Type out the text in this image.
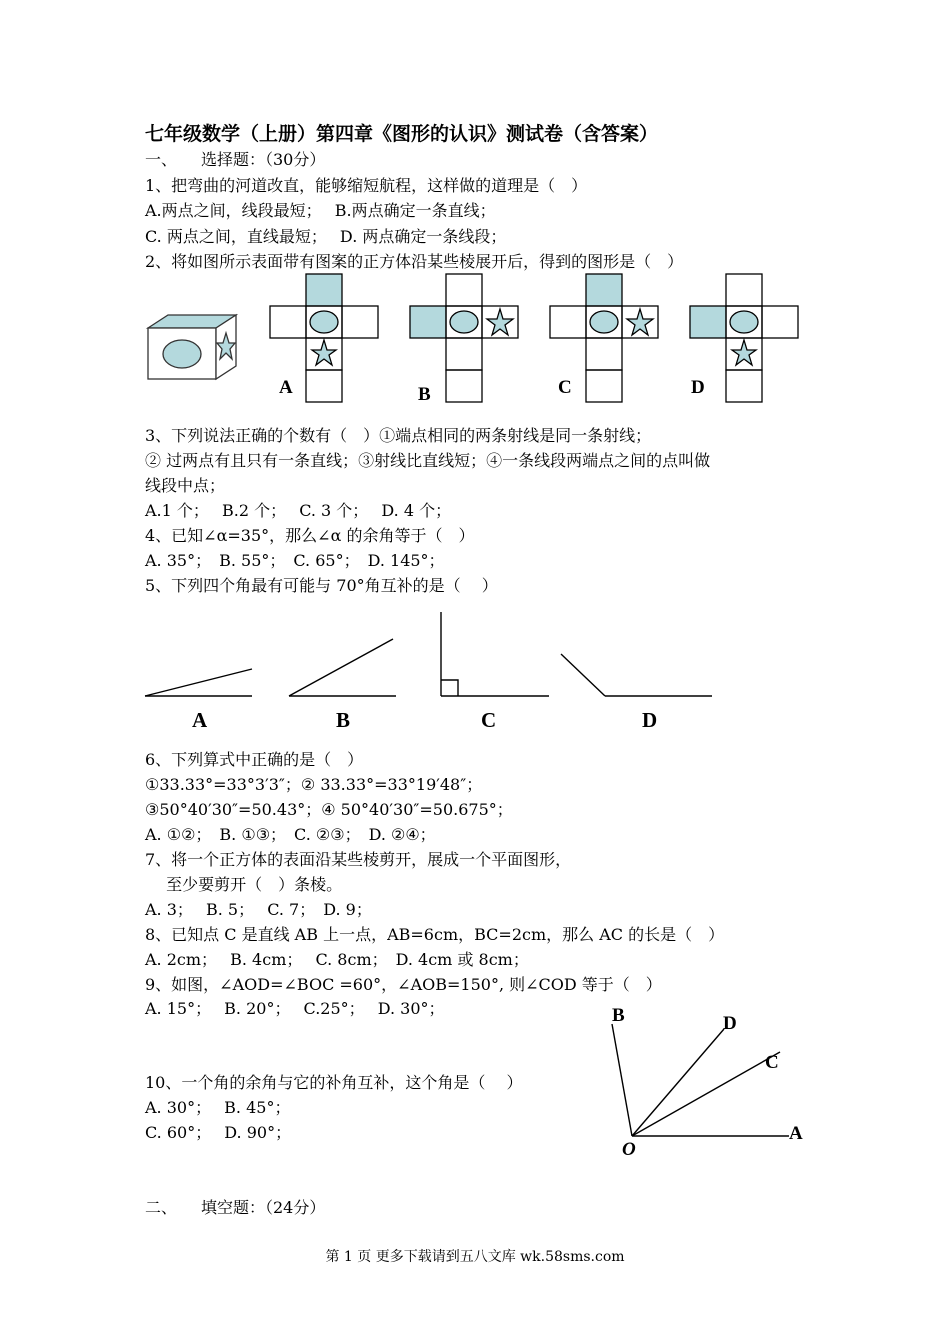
七年级数学（上册）第四章《图形的认识》测试卷（含答案）
一、　　选择题：（30分）
1、把弯曲的河道改直，能够缩短航程，这样做的道理是（　）
A.两点之间，线段最短；　 B.两点确定一条直线；
C. 两点之间，直线最短；　 D. 两点确定一条线段；
2、将如图所示表面带有图案的正方体沿某些棱展开后，得到的图形是（　）
A	B	C	D
3、下列说法正确的个数有（　）①端点相同的两条射线是同一条射线；
② 过两点有且只有一条直线；③射线比直线短；④一条线段两端点之间的点叫做
线段中点；
A.1 个；　 B.2 个；　 C. 3 个；　 D. 4 个；
4、已知∠α=35°，那么∠α 的余角等于（　）
A. 35°；　B. 55°；　C. 65°；　D. 145°；
5、下列四个角最有可能与 70°角互补的是（　 ）
A	B	C	D
6、下列算式中正确的是（　）
①33.33°=33°3′3″；② 33.33°=33°19′48″；
③50°40′30″=50.43°；④ 50°40′30″=50.675°；
A. ①②；　B. ①③；　C. ②③；　D. ②④；
7、将一个正方体的表面沿某些棱剪开，展成一个平面图形，
　 至少要剪开（　）条棱。
A. 3；　 B. 5；　 C. 7；　D. 9；
8、已知点 C 是直线 AB 上一点，AB=6cm，BC=2cm，那么 AC 的长是（　）
A. 2cm；　 B. 4cm；　 C. 8cm；　D. 4cm 或 8cm；
9、如图，∠AOD=∠BOC =60°，∠AOB=150°, 则∠COD 等于（　）
A. 15°；　 B. 20°；　 C.25°；　 D. 30°；	B	D
C
A
O
10、一个角的余角与它的补角互补，这个角是（　 ）
A. 30°；　 B. 45°；
C. 60°；　 D. 90°；
二、　　填空题：（24分）
第 1 页 更多下载请到五八文库 wk.58sms.com
